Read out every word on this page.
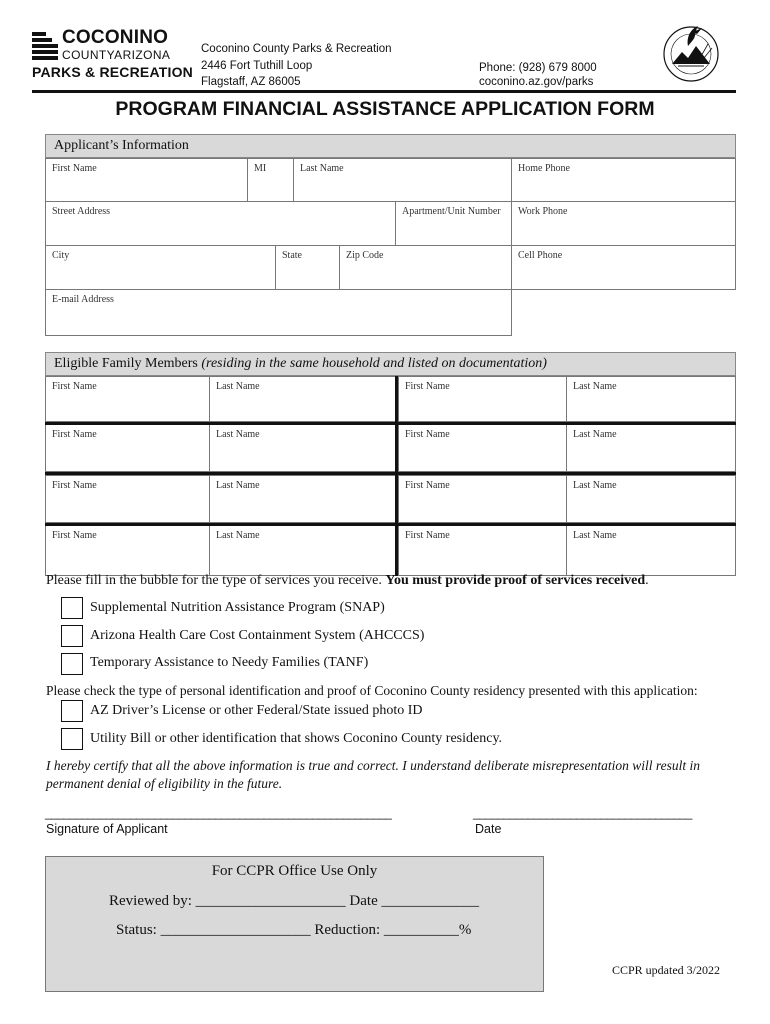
COCONINO
COUNTYARIZONA
PARKS & RECREATION
Coconino County Parks & Recreation
2446 Fort Tuthill Loop
Flagstaff, AZ 86005
Phone: (928) 679 8000
coconino.az.gov/parks
PROGRAM FINANCIAL ASSISTANCE APPLICATION FORM
Applicant’s Information
First Name	MI	Last Name	Home Phone
Street Address	Apartment/Unit Number	Work Phone
City	State	Zip Code	Cell Phone
E-mail Address
Eligible Family Members (residing in the same household and listed on documentation)
First Name	Last Name	First Name	Last Name
First Name	Last Name	First Name	Last Name
First Name	Last Name	First Name	Last Name
First Name	Last Name	First Name	Last Name
Please fill in the bubble for the type of services you receive. You must provide proof of services received.
Supplemental Nutrition Assistance Program (SNAP)
Arizona Health Care Cost Containment System (AHCCCS)
Temporary Assistance to Needy Families (TANF)
Please check the type of personal identification and proof of Coconino County residency presented with this application:
AZ Driver’s License or other Federal/State issued photo ID
Utility Bill or other identification that shows Coconino County residency.
I hereby certify that all the above information is true and correct. I understand deliberate misrepresentation will result in
permanent denial of eligibility in the future.
_________________________________________________________	____________________________________
Signature of Applicant	Date
For CCPR Office Use Only
Reviewed by: ____________________ Date _____________
Status: ____________________ Reduction: __________%
CCPR updated 3/2022
